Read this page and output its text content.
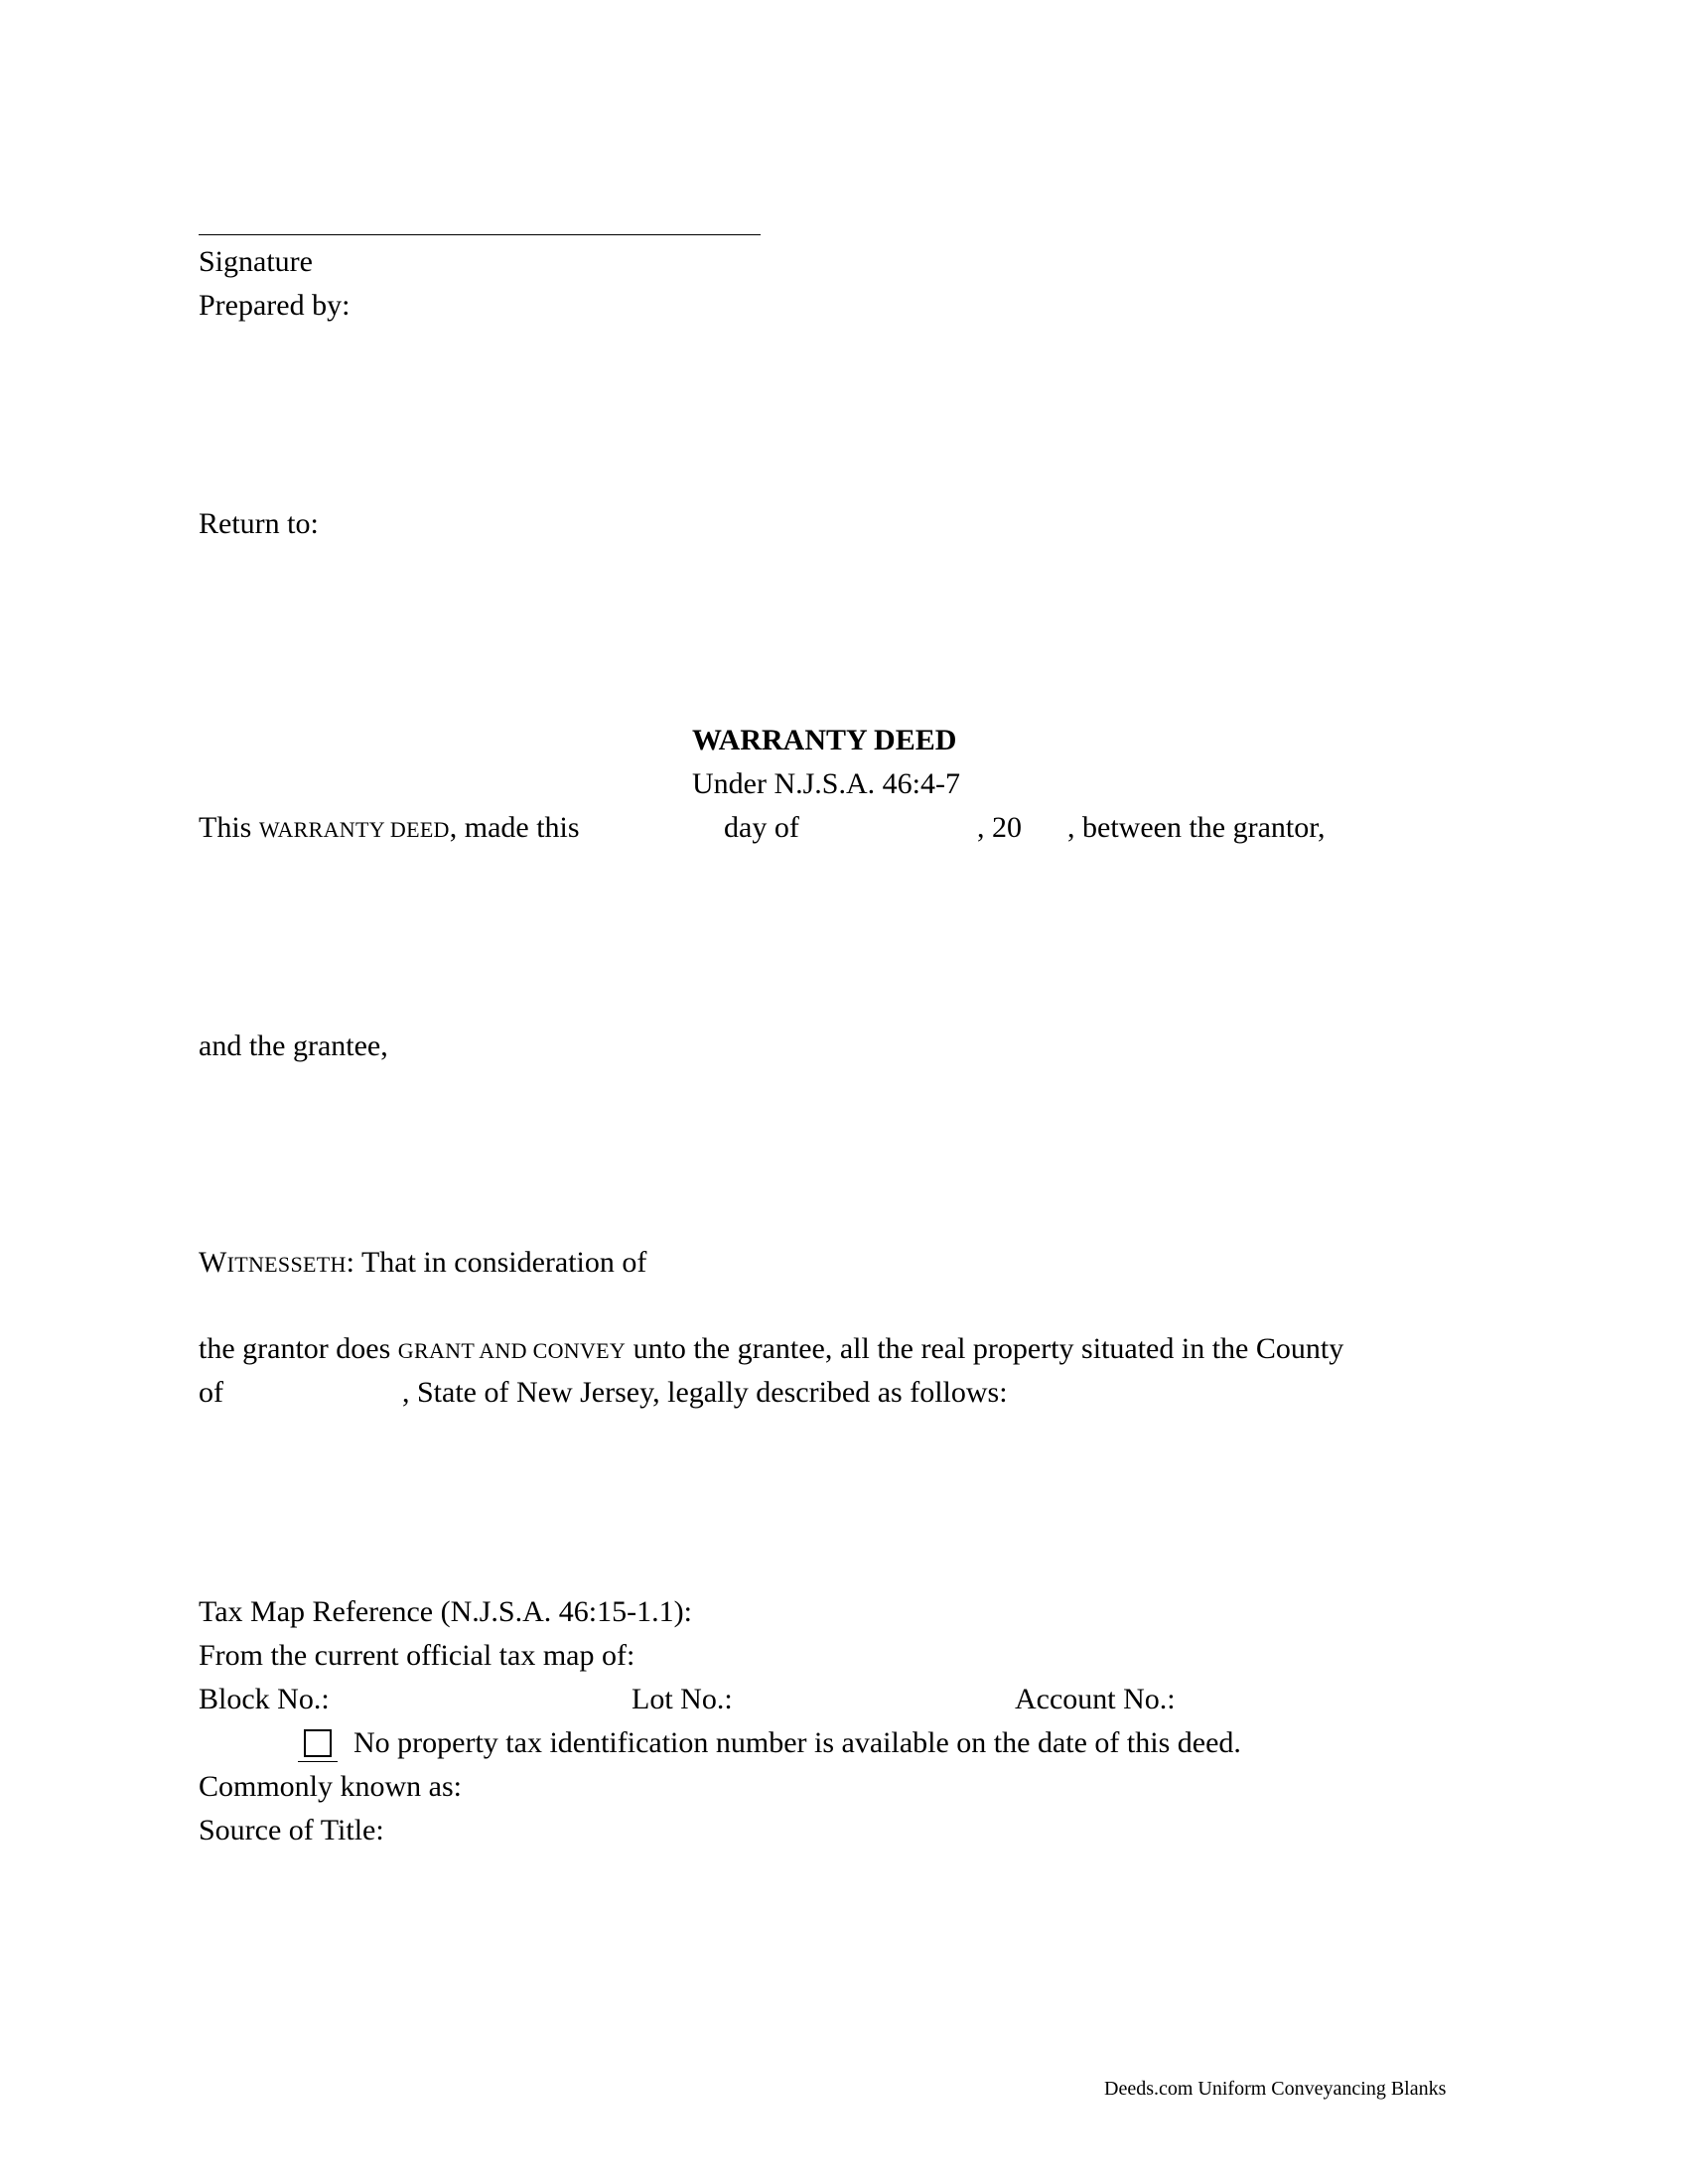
Signature
Prepared by:
Return to:
WARRANTY DEED
Under N.J.S.A. 46:4-7
This WARRANTY DEED, made this	day of	, 20 , between the grantor,
and the grantee,
WITNESSETH: That in consideration of
the grantor does GRANT AND CONVEY unto the grantee, all the real property situated in the County
of	, State of New Jersey, legally described as follows:
Tax Map Reference (N.J.S.A. 46:15-1.1):
From the current official tax map of:
Block No.:	Lot No.:	Account No.:
No property tax identification number is available on the date of this deed.
Commonly known as:
Source of Title:
Deeds.com Uniform Conveyancing Blanks
